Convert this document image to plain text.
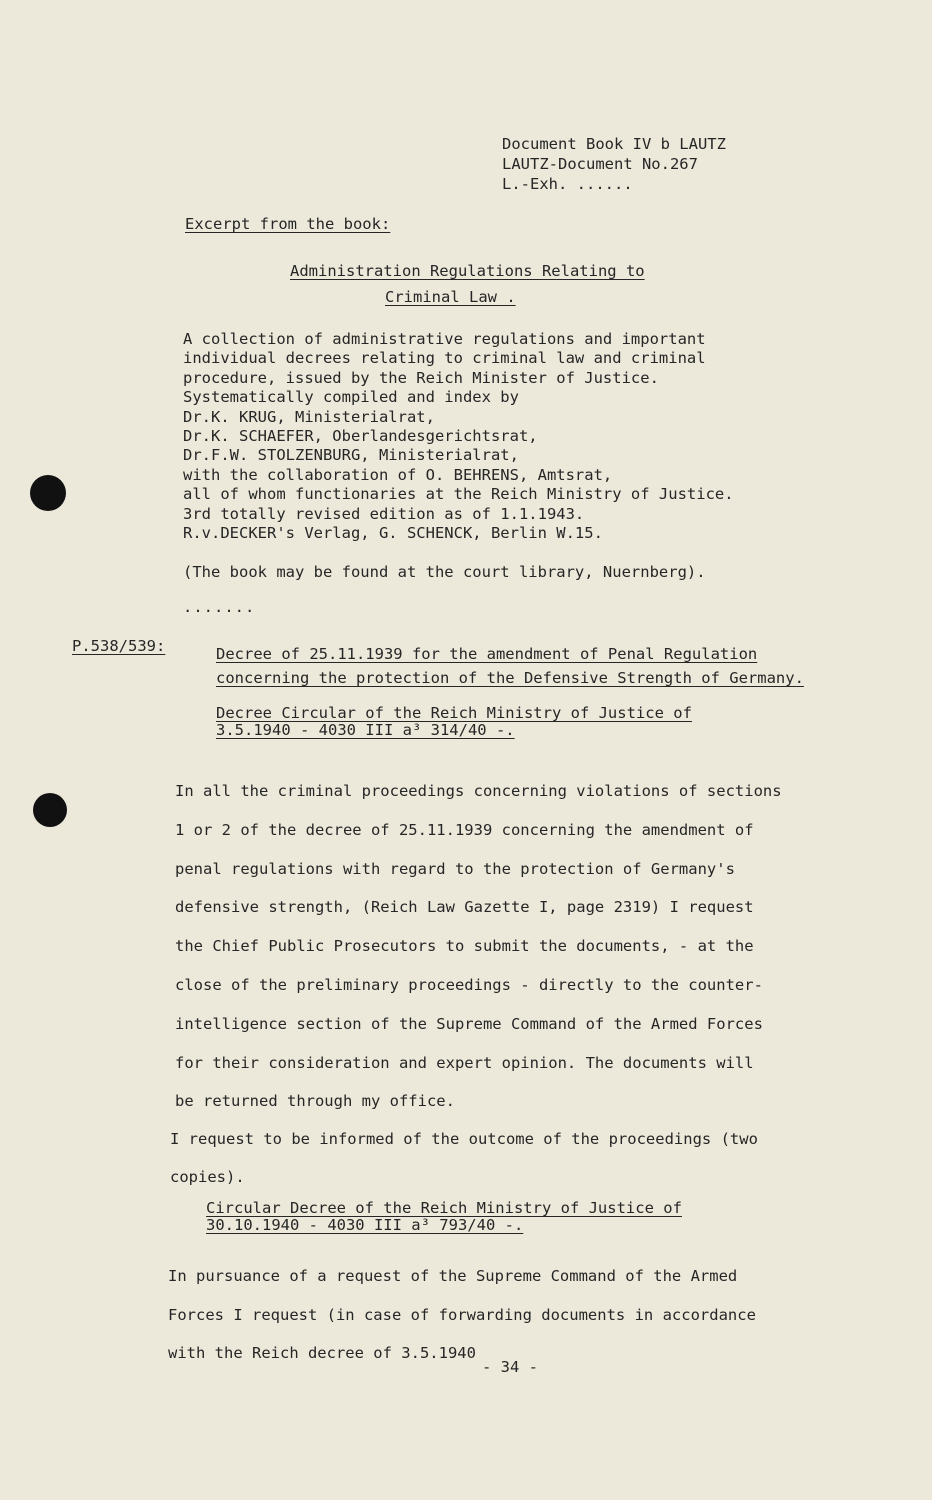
Document Book IV b LAUTZ
LAUTZ-Document No.267
L.-Exh. ......
Excerpt from the book:
Administration Regulations Relating to
Criminal Law .
A collection of administrative regulations and important
individual decrees relating to criminal law and criminal
procedure, issued by the Reich Minister of Justice.
Systematically compiled and index by
Dr.K. KRUG, Ministerialrat,
Dr.K. SCHAEFER, Oberlandesgerichtsrat,
Dr.F.W. STOLZENBURG, Ministerialrat,
with the collaboration of O. BEHRENS, Amtsrat,
all of whom functionaries at the Reich Ministry of Justice.
3rd totally revised edition as of 1.1.1943.
R.v.DECKER's Verlag, G. SCHENCK, Berlin W.15.
(The book may be found at the court library, Nuernberg).
.......
P.538/539:	Decree of 25.11.1939 for the amendment of Penal Regulation
concerning the protection of the Defensive Strength of Germany.
Decree Circular of the Reich Ministry of Justice of
3.5.1940 - 4030 III a³ 314/40 -.
In all the criminal proceedings concerning violations of sections
1 or 2 of the decree of 25.11.1939 concerning the amendment of
penal regulations with regard to the protection of Germany's
defensive strength, (Reich Law Gazette I, page 2319) I request
the Chief Public Prosecutors to submit the documents, - at the
close of the preliminary proceedings - directly to the counter-
intelligence section of the Supreme Command of the Armed Forces
for their consideration and expert opinion. The documents will
be returned through my office.
I request to be informed of the outcome of the proceedings (two
copies).
Circular Decree of the Reich Ministry of Justice of
30.10.1940 - 4030 III a³ 793/40 -.
In pursuance of a request of the Supreme Command of the Armed
Forces I request (in case of forwarding documents in accordance
with the Reich decree of 3.5.1940
- 34 -
